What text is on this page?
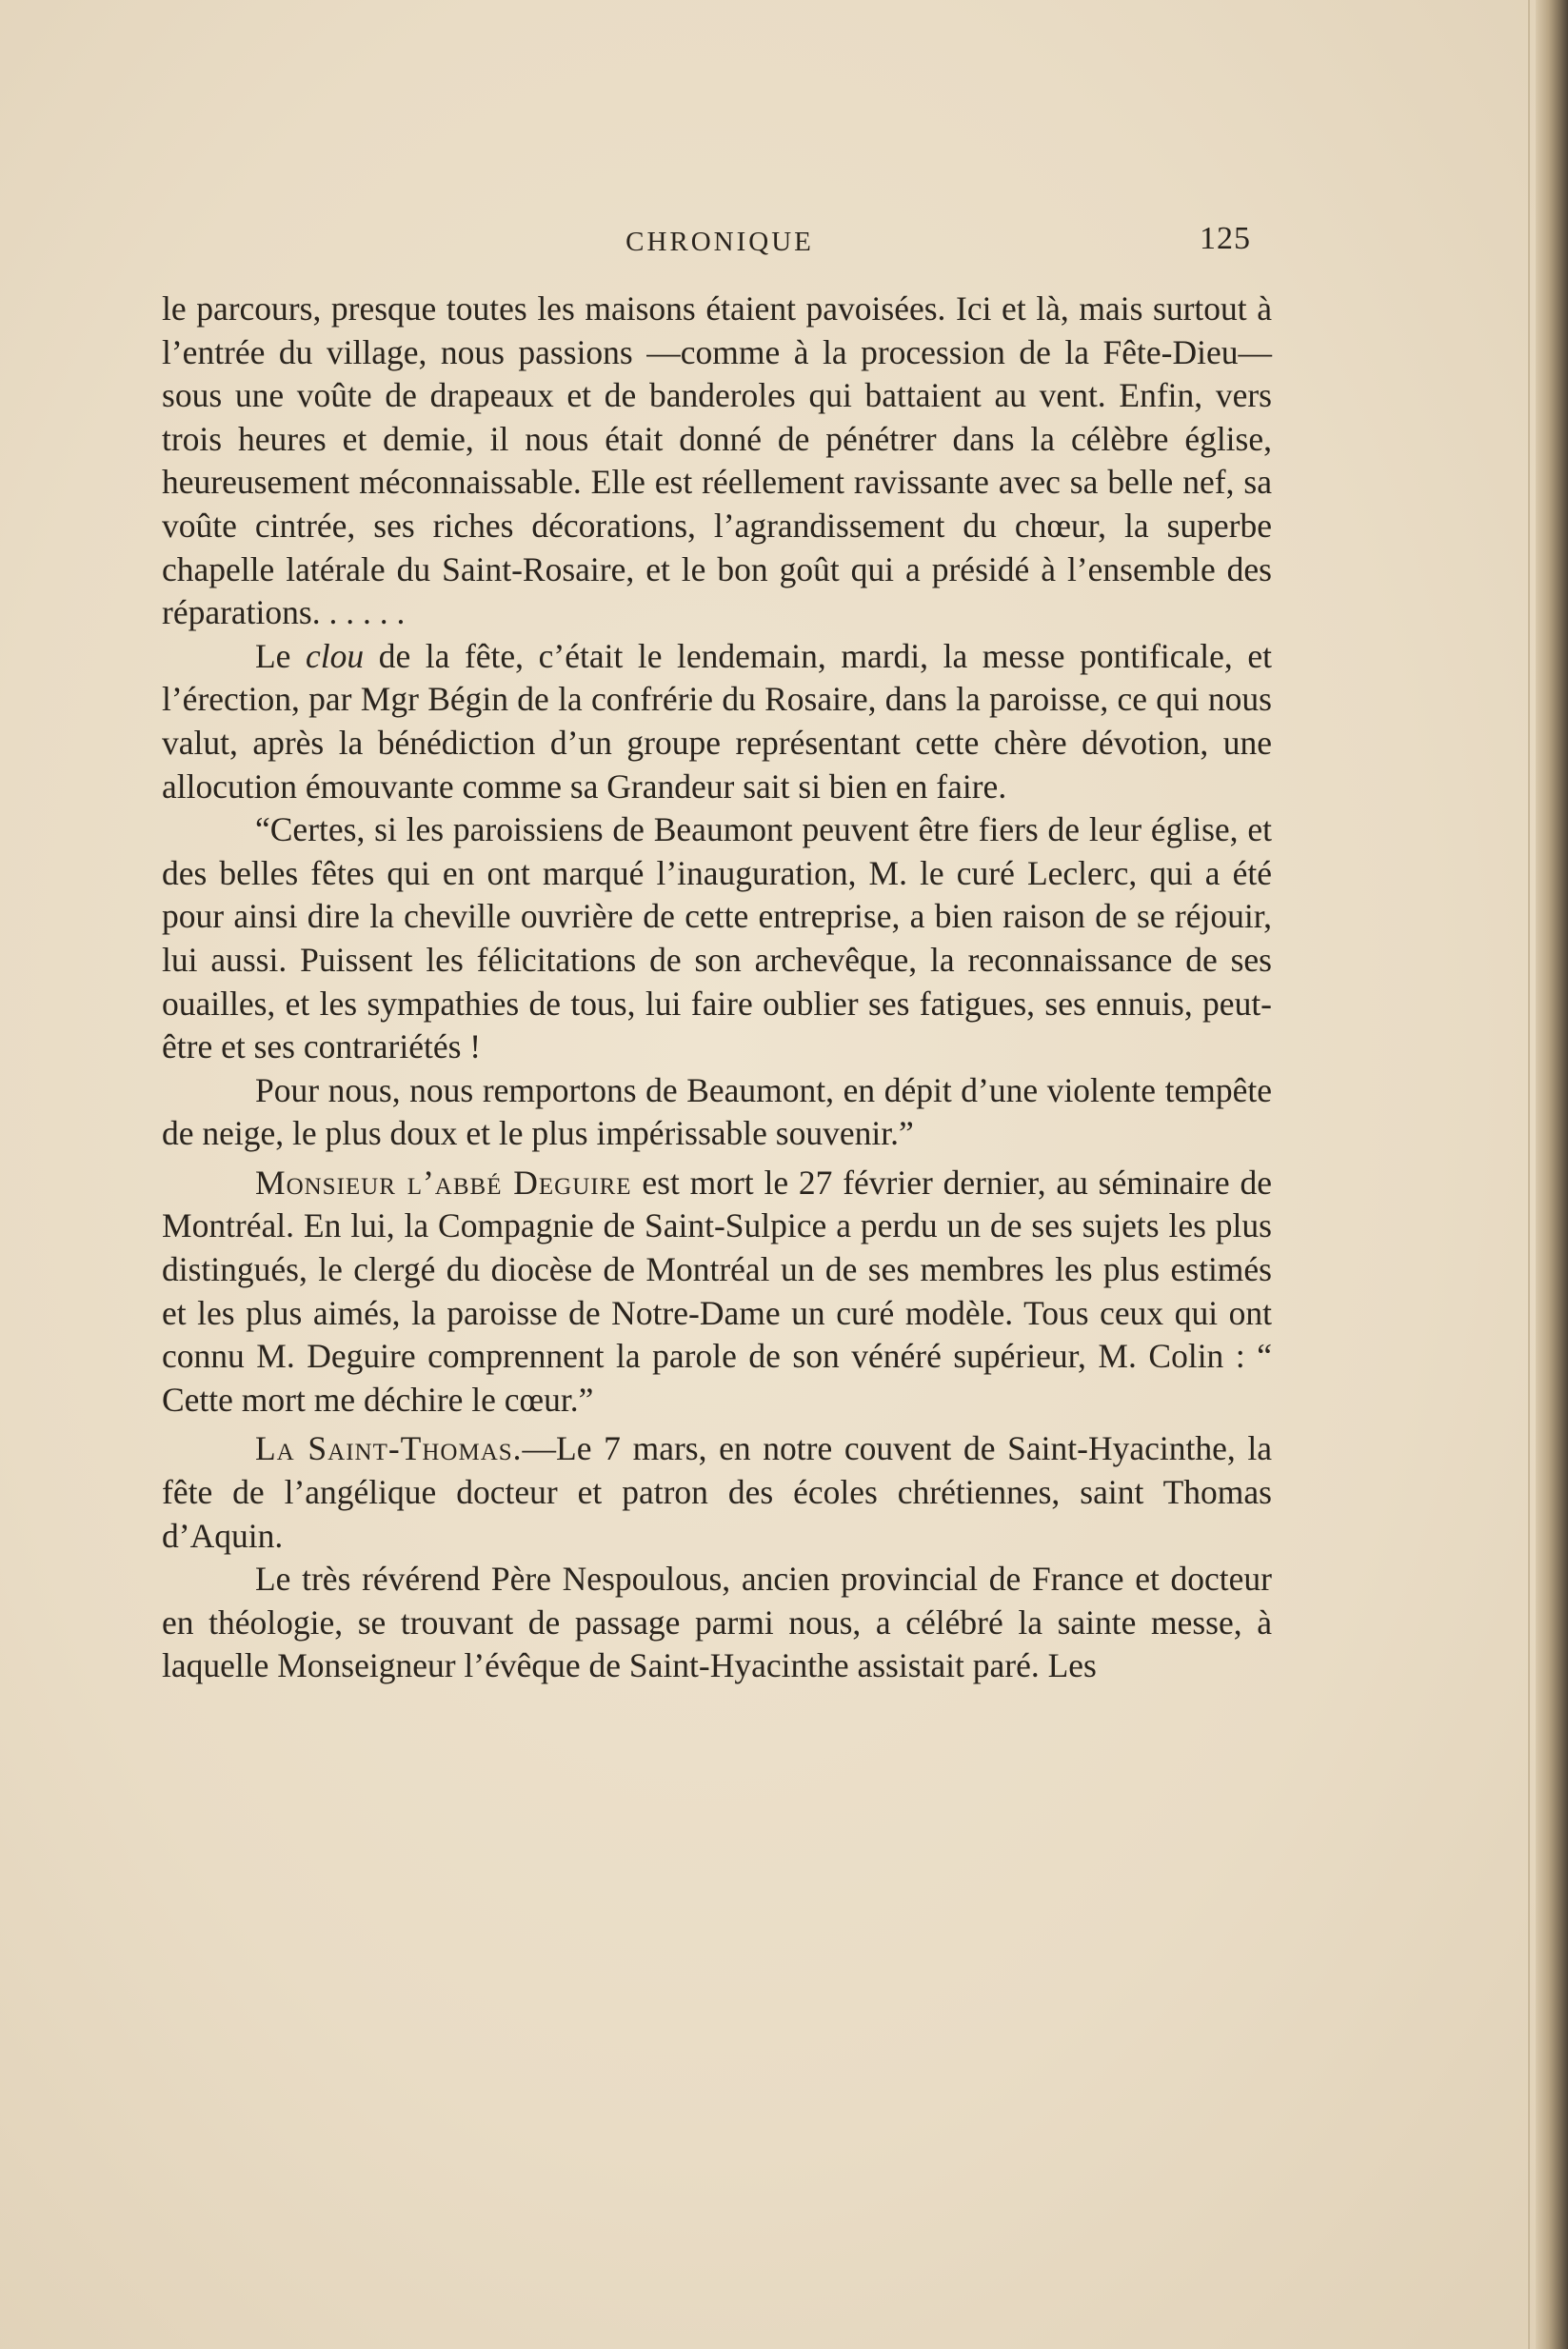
CHRONIQUE	125

le parcours, presque toutes les maisons étaient pavoisées. Ici et là, mais surtout à l’entrée du village, nous passions —comme à la procession de la Fête-Dieu—sous une voûte de drapeaux et de banderoles qui battaient au vent. Enfin, vers trois heures et demie, il nous était donné de pénétrer dans la célèbre église, heureusement méconnaissable. Elle est réellement ravissante avec sa belle nef, sa voûte cintrée, ses riches décorations, l’agrandissement du chœur, la superbe chapelle latérale du Saint-Rosaire, et le bon goût qui a présidé à l’ensemble des réparations. . . . . .

Le clou de la fête, c’était le lendemain, mardi, la messe pontificale, et l’érection, par Mgr Bégin de la confrérie du Rosaire, dans la paroisse, ce qui nous valut, après la bénédiction d’un groupe représentant cette chère dévotion, une allocution émouvante comme sa Grandeur sait si bien en faire.

“Certes, si les paroissiens de Beaumont peuvent être fiers de leur église, et des belles fêtes qui en ont marqué l’inauguration, M. le curé Leclerc, qui a été pour ainsi dire la cheville ouvrière de cette entreprise, a bien raison de se réjouir, lui aussi. Puissent les félicitations de son archevêque, la reconnaissance de ses ouailles, et les sympathies de tous, lui faire oublier ses fatigues, ses ennuis, peut-être et ses contrariétés !

Pour nous, nous remportons de Beaumont, en dépit d’une violente tempête de neige, le plus doux et le plus impérissable souvenir.”

Monsieur l’abbé Deguire est mort le 27 février dernier, au séminaire de Montréal. En lui, la Compagnie de Saint-Sulpice a perdu un de ses sujets les plus distingués, le clergé du diocèse de Montréal un de ses membres les plus estimés et les plus aimés, la paroisse de Notre-Dame un curé modèle. Tous ceux qui ont connu M. Deguire comprennent la parole de son vénéré supérieur, M. Colin : “ Cette mort me déchire le cœur.”

La Saint-Thomas.—Le 7 mars, en notre couvent de Saint-Hyacinthe, la fête de l’angélique docteur et patron des écoles chrétiennes, saint Thomas d’Aquin.

Le très révérend Père Nespoulous, ancien provincial de France et docteur en théologie, se trouvant de passage parmi nous, a célébré la sainte messe, à laquelle Monseigneur l’évêque de Saint-Hyacinthe assistait paré. Les
